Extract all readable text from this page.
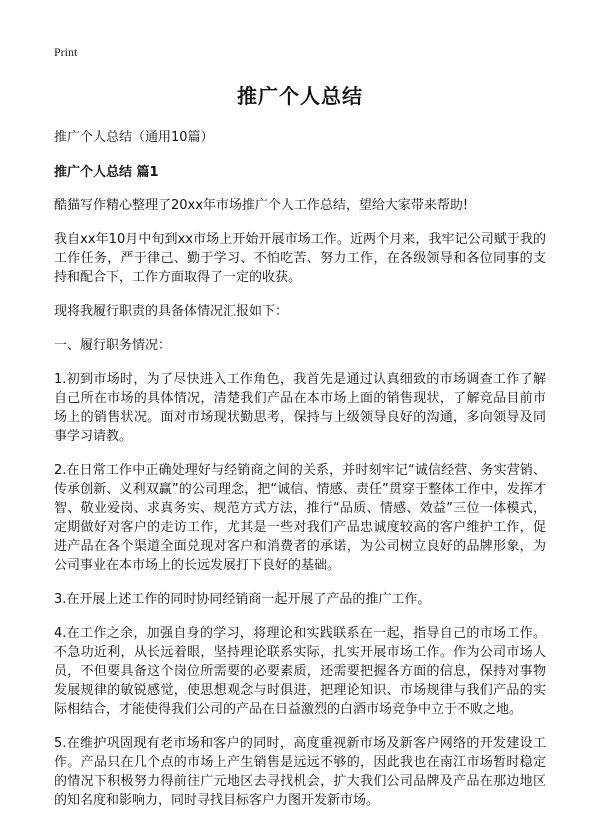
Print
推广个人总结
推广个人总结（通用10篇）
推广个人总结 篇1

酷猫写作精心整理了20xx年市场推广个人工作总结，望给大家带来帮助!

我自xx年10月中旬到xx市场上开始开展市场工作。近两个月来，我牢记公司赋于我的工作任务，严于律己、勤于学习、不怕吃苦、努力工作，在各级领导和各位同事的支持和配合下，工作方面取得了一定的收获。

现将我履行职责的具备体情况汇报如下：

一、履行职务情况：

1.初到市场时，为了尽快进入工作角色，我首先是通过认真细致的市场调查工作了解自己所在市场的具体情况，清楚我们产品在本市场上面的销售现状，了解竞品目前市场上的销售状况。面对市场现状勤思考，保持与上级领导良好的沟通，多向领导及同事学习请教。

2.在日常工作中正确处理好与经销商之间的关系，并时刻牢记“诚信经营、务实营销、传承创新、义利双赢”的公司理念，把“诚信、情感、责任”贯穿于整体工作中，发挥才智、敬业爱岗、求真务实、规范方式方法，推行“品质、情感、效益”三位一体模式，定期做好对客户的走访工作，尤其是一些对我们产品忠诚度较高的客户维护工作，促进产品在各个渠道全面兑现对客户和消费者的承诺，为公司树立良好的品牌形象，为公司事业在本市场上的长远发展打下良好的基础。

3.在开展上述工作的同时协同经销商一起开展了产品的推广工作。

4.在工作之余，加强自身的学习，将理论和实践联系在一起，指导自己的市场工作。不急功近利，从长远着眼，坚持理论联系实际，扎实开展市场工作。作为公司市场人员，不但要具备这个岗位所需要的必要素质，还需要把握各方面的信息，保持对事物发展规律的敏锐感觉，使思想观念与时俱进，把理论知识、市场规律与我们产品的实际相结合，才能使得我们公司的产品在日益激烈的白酒市场竞争中立于不败之地。

5.在维护巩固现有老市场和客户的同时，高度重视新市场及新客户网络的开发建设工作。产品只在几个点的市场上产生销售是远远不够的，因此我也在南江市场暂时稳定的情况下积极努力得前往广元地区去寻找机会，扩大我们公司品牌及产品在那边地区的知名度和影响力，同时寻找目标客户力图开发新市场。
